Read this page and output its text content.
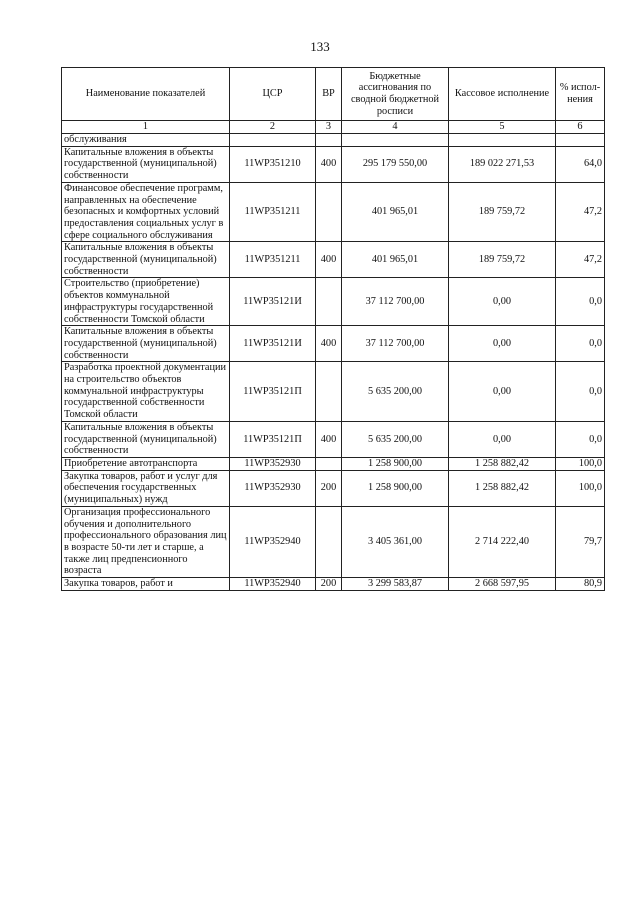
133
Наименование показателей	ЦСР	ВР	Бюджетные ассигнования по сводной бюджетной росписи	Кассовое исполнение	% испол-нения
1	2	3	4	5	6
обслуживания					
Капитальные вложения в объекты государственной (муниципальной) собственности	11WP351210	400	295 179 550,00	189 022 271,53	64,0
Финансовое обеспечение программ, направленных на обеспечение безопасных и комфортных условий предоставления социальных услуг в сфере социального обслуживания	11WP351211		401 965,01	189 759,72	47,2
Капитальные вложения в объекты государственной (муниципальной) собственности	11WP351211	400	401 965,01	189 759,72	47,2
Строительство (приобретение) объектов коммунальной инфраструктуры государственной собственности Томской области	11WP35121И		37 112 700,00	0,00	0,0
Капитальные вложения в объекты государственной (муниципальной) собственности	11WP35121И	400	37 112 700,00	0,00	0,0
Разработка проектной документации на строительство объектов коммунальной инфраструктуры государственной собственности Томской области	11WP35121П		5 635 200,00	0,00	0,0
Капитальные вложения в объекты государственной (муниципальной) собственности	11WP35121П	400	5 635 200,00	0,00	0,0
Приобретение автотранспорта	11WP352930		1 258 900,00	1 258 882,42	100,0
Закупка товаров, работ и услуг для обеспечения государственных (муниципальных) нужд	11WP352930	200	1 258 900,00	1 258 882,42	100,0
Организация профессионального обучения и дополнительного профессионального образования лиц в возрасте 50-ти лет и старше, а также лиц предпенсионного возраста	11WP352940		3 405 361,00	2 714 222,40	79,7
Закупка товаров, работ и	11WP352940	200	3 299 583,87	2 668 597,95	80,9
